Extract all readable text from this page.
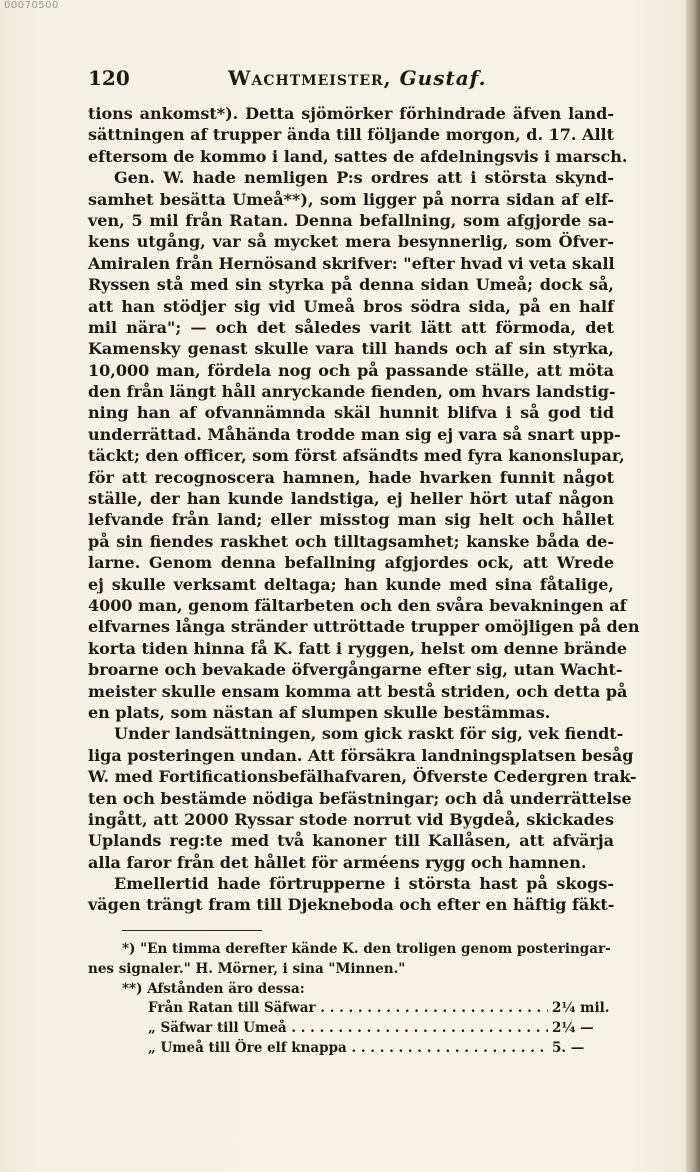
00070500
120	Wachtmeister, Gustaf.
tions ankomst*). Detta sjömörker förhindrade äfven land-
sättningen af trupper ända till följande morgon, d. 17. Allt
eftersom de kommo i land, sattes de afdelningsvis i marsch.
Gen. W. hade nemligen P:s ordres att i största skynd-
samhet besätta Umeå**), som ligger på norra sidan af elf-
ven, 5 mil från Ratan. Denna befallning, som afgjorde sa-
kens utgång, var så mycket mera besynnerlig, som Öfver-
Amiralen från Hernösand skrifver: "efter hvad vi veta skall
Ryssen stå med sin styrka på denna sidan Umeå; dock så,
att han stödjer sig vid Umeå bros södra sida, på en half
mil nära"; — och det således varit lätt att förmoda, det
Kamensky genast skulle vara till hands och af sin styrka,
10,000 man, fördela nog och på passande ställe, att möta
den från längt håll anryckande fienden, om hvars landstig-
ning han af ofvannämnda skäl hunnit blifva i så god tid
underrättad. Måhända trodde man sig ej vara så snart upp-
täckt; den officer, som först afsändts med fyra kanonslupar,
för att recognoscera hamnen, hade hvarken funnit något
ställe, der han kunde landstiga, ej heller hört utaf någon
lefvande från land; eller misstog man sig helt och hållet
på sin fiendes raskhet och tilltagsamhet; kanske båda de-
larne. Genom denna befallning afgjordes ock, att Wrede
ej skulle verksamt deltaga; han kunde med sina fåtalige,
4000 man, genom fältarbeten och den svåra bevakningen af
elfvarnes långa stränder uttröttade trupper omöjligen på den
korta tiden hinna få K. fatt i ryggen, helst om denne brände
broarne och bevakade öfvergångarne efter sig, utan Wacht-
meister skulle ensam komma att bestå striden, och detta på
en plats, som nästan af slumpen skulle bestämmas.
Under landsättningen, som gick raskt för sig, vek fiendt-
liga posteringen undan. Att försäkra landningsplatsen besåg
W. med Fortificationsbefälhafvaren, Öfverste Cedergren trak-
ten och bestämde nödiga befästningar; och då underrättelse
ingått, att 2000 Ryssar stode norrut vid Bygdeå, skickades
Uplands reg:te med två kanoner till Kallåsen, att afvärja
alla faror från det hållet för arméens rygg och hamnen.
Emellertid hade förtrupperne i största hast på skogs-
vägen trängt fram till Djekneboda och efter en häftig fäkt-
*) "En timma derefter kände K. den troligen genom posteringar-
nes signaler." H. Mörner, i sina "Minnen."
**) Afstånden äro dessa:
Från Ratan till Säfwar . . .	2¼ mil.
„ Säfwar till Umeå . . .	2¼ —
„ Umeå till Öre elf knappa . . .	5. —
